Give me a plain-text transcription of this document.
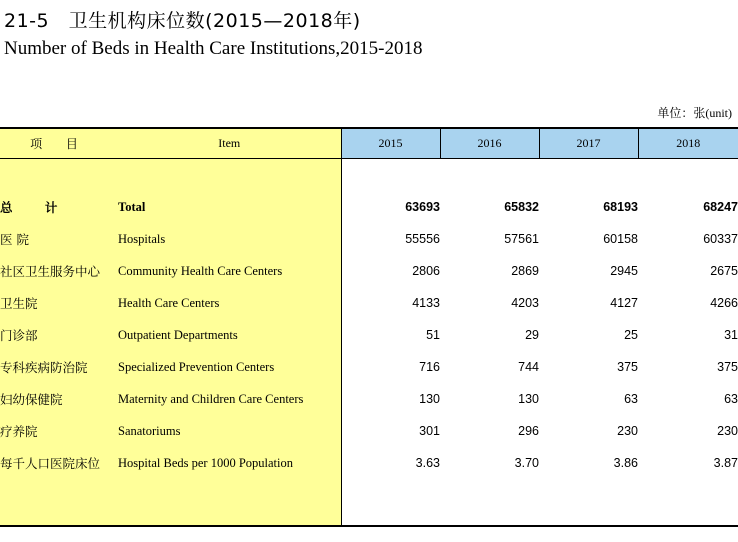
21-5　卫生机构床位数(2015—2018年)
Number of Beds in Health Care Institutions,2015-2018
单位：张(unit)
项 目	Item	2015	2016	2017	2018

总 计	Total	63693	65832	68193	68247
医 院	Hospitals	55556	57561	60158	60337
社区卫生服务中心	Community Health Care Centers	2806	2869	2945	2675
卫生院	Health Care Centers	4133	4203	4127	4266
门诊部	Outpatient Departments	51	29	25	31
专科疾病防治院	Specialized Prevention Centers	716	744	375	375
妇幼保健院	Maternity and Children Care Centers	130	130	63	63
疗养院	Sanatoriums	301	296	230	230
每千人口医院床位	Hospital Beds per 1000 Population	3.63	3.70	3.86	3.87
